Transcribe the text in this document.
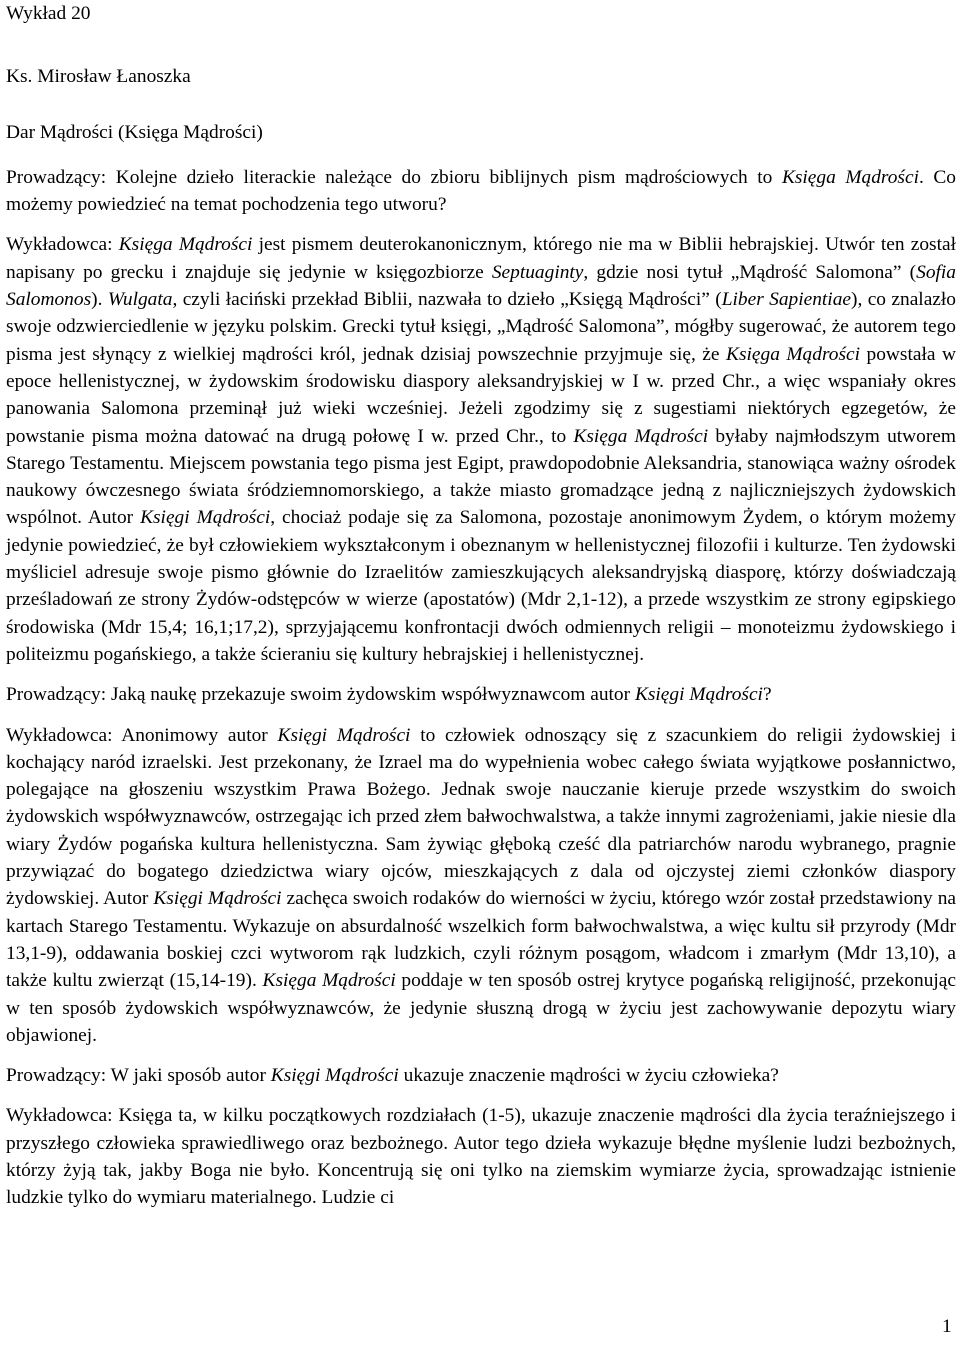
Wykład 20

Ks. Mirosław Łanoszka

Dar Mądrości (Księga Mądrości)

Prowadzący: Kolejne dzieło literackie należące do zbioru biblijnych pism mądrościowych to Księga Mądrości. Co możemy powiedzieć na temat pochodzenia tego utworu?

Wykładowca: Księga Mądrości jest pismem deuterokanonicznym, którego nie ma w Biblii hebrajskiej. Utwór ten został napisany po grecku i znajduje się jedynie w księgozbiorze Septuaginty, gdzie nosi tytuł „Mądrość Salomona” (Sofia Salomonos). Wulgata, czyli łaciński przekład Biblii, nazwała to dzieło „Księgą Mądrości” (Liber Sapientiae), co znalazło swoje odzwierciedlenie w języku polskim. Grecki tytuł księgi, „Mądrość Salomona”, mógłby sugerować, że autorem tego pisma jest słynący z wielkiej mądrości król, jednak dzisiaj powszechnie przyjmuje się, że Księga Mądrości powstała w epoce hellenistycznej, w żydowskim środowisku diaspory aleksandryjskiej w I w. przed Chr., a więc wspaniały okres panowania Salomona przeminął już wieki wcześniej. Jeżeli zgodzimy się z sugestiami niektórych egzegetów, że powstanie pisma można datować na drugą połowę I w. przed Chr., to Księga Mądrości byłaby najmłodszym utworem Starego Testamentu. Miejscem powstania tego pisma jest Egipt, prawdopodobnie Aleksandria, stanowiąca ważny ośrodek naukowy ówczesnego świata śródziemnomorskiego, a także miasto gromadzące jedną z najliczniejszych żydowskich wspólnot. Autor Księgi Mądrości, chociaż podaje się za Salomona, pozostaje anonimowym Żydem, o którym możemy jedynie powiedzieć, że był człowiekiem wykształconym i obeznanym w hellenistycznej filozofii i kulturze. Ten żydowski myśliciel adresuje swoje pismo głównie do Izraelitów zamieszkujących aleksandryjską diasporę, którzy doświadczają prześladowań ze strony Żydów-odstępców w wierze (apostatów) (Mdr 2,1-12), a przede wszystkim ze strony egipskiego środowiska (Mdr 15,4; 16,1;17,2), sprzyjającemu konfrontacji dwóch odmiennych religii – monoteizmu żydowskiego i politeizmu pogańskiego, a także ścieraniu się kultury hebrajskiej i hellenistycznej.

Prowadzący: Jaką naukę przekazuje swoim żydowskim współwyznawcom autor Księgi Mądrości?

Wykładowca: Anonimowy autor Księgi Mądrości to człowiek odnoszący się z szacunkiem do religii żydowskiej i kochający naród izraelski. Jest przekonany, że Izrael ma do wypełnienia wobec całego świata wyjątkowe posłannictwo, polegające na głoszeniu wszystkim Prawa Bożego. Jednak swoje nauczanie kieruje przede wszystkim do swoich żydowskich współwyznawców, ostrzegając ich przed złem bałwochwalstwa, a także innymi zagrożeniami, jakie niesie dla wiary Żydów pogańska kultura hellenistyczna. Sam żywiąc głęboką cześć dla patriarchów narodu wybranego, pragnie przywiązać do bogatego dziedzictwa wiary ojców, mieszkających z dala od ojczystej ziemi członków diaspory żydowskiej. Autor Księgi Mądrości zachęca swoich rodaków do wierności w życiu, którego wzór został przedstawiony na kartach Starego Testamentu. Wykazuje on absurdalność wszelkich form bałwochwalstwa, a więc kultu sił przyrody (Mdr 13,1-9), oddawania boskiej czci wytworom rąk ludzkich, czyli różnym posągom, władcom i zmarłym (Mdr 13,10), a także kultu zwierząt (15,14-19). Księga Mądrości poddaje w ten sposób ostrej krytyce pogańską religijność, przekonując w ten sposób żydowskich współwyznawców, że jedynie słuszną drogą w życiu jest zachowywanie depozytu wiary objawionej.

Prowadzący: W jaki sposób autor Księgi Mądrości ukazuje znaczenie mądrości w życiu człowieka?

Wykładowca: Księga ta, w kilku początkowych rozdziałach (1-5), ukazuje znaczenie mądrości dla życia teraźniejszego i przyszłego człowieka sprawiedliwego oraz bezbożnego. Autor tego dzieła wykazuje błędne myślenie ludzi bezbożnych, którzy żyją tak, jakby Boga nie było. Koncentrują się oni tylko na ziemskim wymiarze życia, sprowadzając istnienie ludzkie tylko do wymiaru materialnego. Ludzie ci

1
